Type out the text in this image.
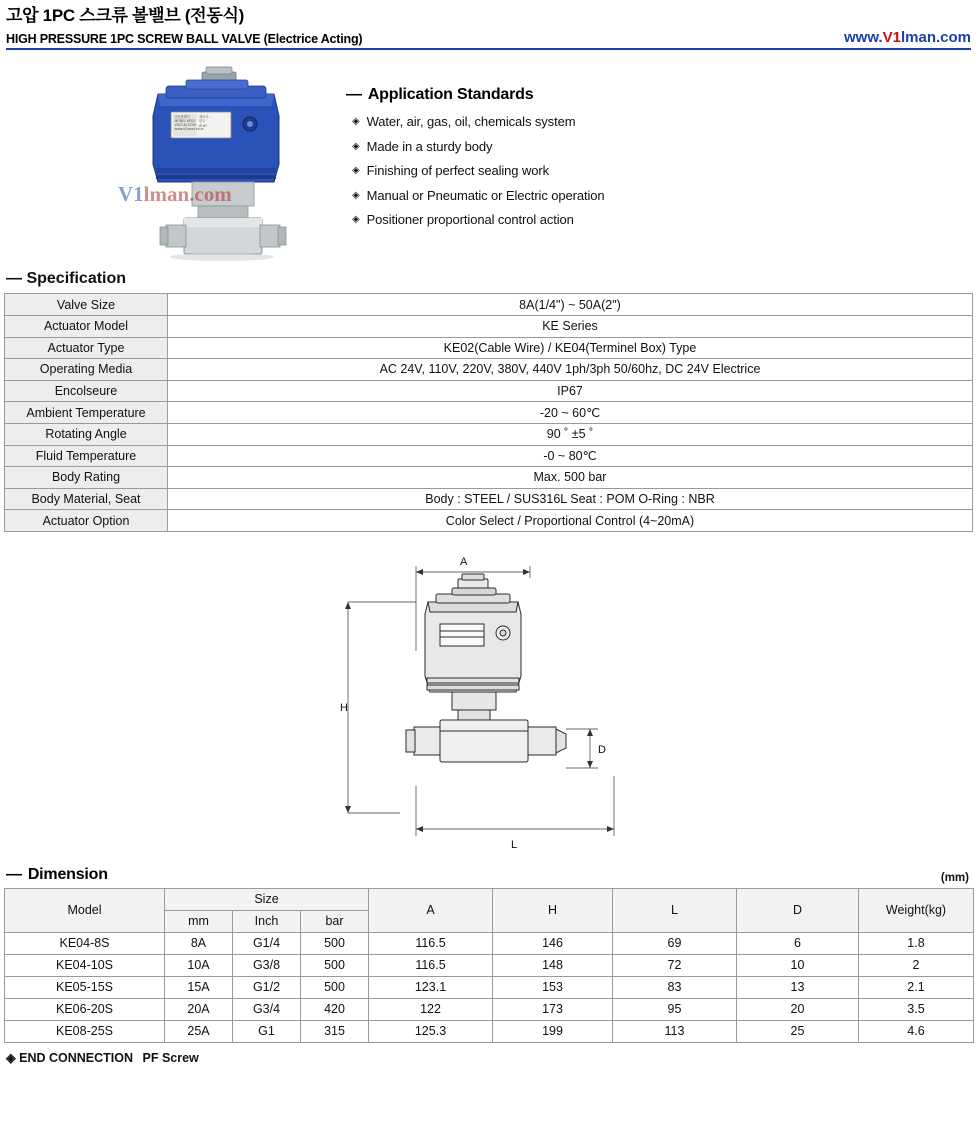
고압 1PC 스크류 볼밸브 (전동식)
HIGH PRESSURE 1PC SCREW BALL VALVE (Electrice Acting)	www.V1lman.com
전동볼밸브
MODEL KE02
VOLT AC220V
www.v1lman.co.kr
제조사 :
한국
IP 67
V1lman.com
— Application Standards
◈ Water, air, gas, oil, chemicals system
◈ Made in a sturdy body
◈ Finishing of perfect sealing work
◈ Manual or Pneumatic or Electric operation
◈ Positioner proportional control action
— Specification
Valve Size	8A(1/4") ~ 50A(2")
Actuator Model	KE Series
Actuator Type	KE02(Cable Wire) / KE04(Terminel Box) Type
Operating Media	AC 24V, 110V, 220V, 380V, 440V 1ph/3ph 50/60hz, DC 24V Electrice
Encolseure	IP67
Ambient Temperature	-20 ~ 60℃
Rotating Angle	90 ˚ ±5 ˚
Fluid Temperature	-0 ~ 80℃
Body Rating	Max. 500 bar
Body Material, Seat	Body : STEEL / SUS316L Seat : POM O-Ring : NBR
Actuator Option	Color Select / Proportional Control (4~20mA)
A
H
L
D
— Dimension	(mm)
Model	Size			A	H	L	D	Weight(kg)
	mm	Inch	bar					
KE04-8S	8A	G1/4	500	116.5	146	69	6	1.8
KE04-10S	10A	G3/8	500	116.5	148	72	10	2
KE05-15S	15A	G1/2	500	123.1	153	83	13	2.1
KE06-20S	20A	G3/4	420	122	173	95	20	3.5
KE08-25S	25A	G1	315	125.3	199	113	25	4.6
◈ END CONNECTION PF Screw
